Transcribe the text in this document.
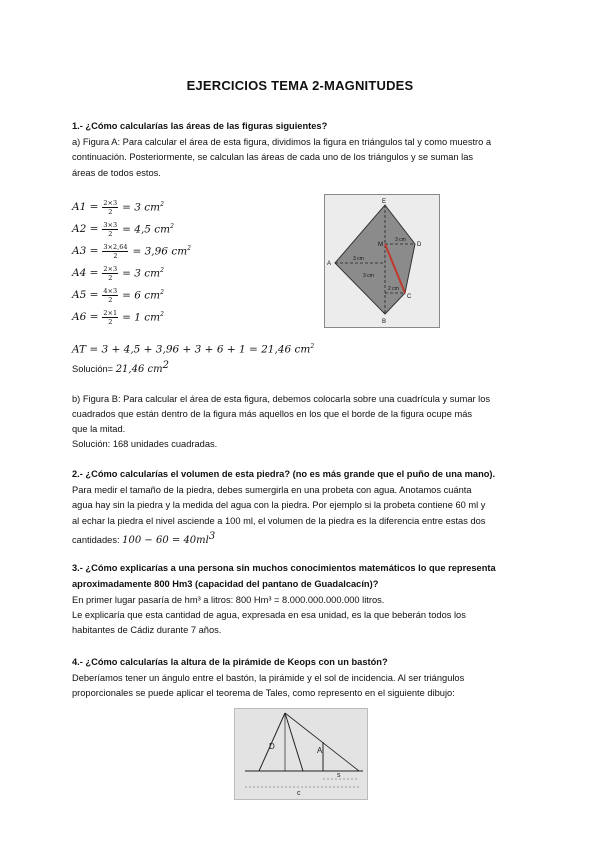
EJERCICIOS TEMA 2-MAGNITUDES
1.- ¿Cómo calcularías las áreas de las figuras siguientes?
a) Figura A: Para calcular el área de esta figura, dividimos la figura en triángulos tal y como muestro a
continuación. Posteriormente, se calculan las áreas de cada uno de los triángulos y se suman las
áreas de todos estos.
$A1 = \frac{2\times 3}{2} = 3$ $cm^2$
$A2 = \frac{3\times 3}{2} = 4,5$ $cm^2$
$A3 = \frac{3\times 2,64}{2} = 3,96$ $cm^2$
$A4 = \frac{2\times 3}{2} = 3$ $cm^2$
$A5 = \frac{4\times 3}{2} = 6$ $cm^2$
$A6 = \frac{2\times 1}{2} = 1$ $cm^2$
E
D
A
C
B
M
3 cm
3 cm
2 cm
3 cm
AT = 3 + 4,5 + 3,96 + 3 + 6 + 1 = 21,46 $cm^2$
Solución= 21,46 $cm^2$
b) Figura B: Para calcular el área de esta figura, debemos colocarla sobre una cuadrícula y sumar los
cuadrados que están dentro de la figura más aquellos en los que el borde de la figura ocupe más
que la mitad.
Solución: 168 unidades cuadradas.
2.- ¿Cómo calcularías el volumen de esta piedra? (no es más grande que el puño de una mano).
Para medir el tamaño de la piedra, debes sumergirla en una probeta con agua. Anotamos cuánta
agua hay sin la piedra y la medida del agua con la piedra. Por ejemplo si la probeta contiene 60 ml y
al echar la piedra el nivel asciende a 100 ml, el volumen de la piedra es la diferencia entre estas dos
cantidades: $100 - 60 = 40ml^3$
3.- ¿Cómo explicarías a una persona sin muchos conocimientos matemáticos lo que representa
aproximadamente 800 Hm3 (capacidad del pantano de Guadalcacín)?
En primer lugar pasaría de hm³ a litros: 800 Hm³ = 8.000.000.000.000 litros.
Le explicaría que esta cantidad de agua, expresada en esa unidad, es la que beberán todos los
habitantes de Cádiz durante 7 años.
4.- ¿Cómo calcularías la altura de la pirámide de Keops con un bastón?
Deberíamos tener un ángulo entre el bastón, la pirámide y el sol de incidencia. Al ser triángulos
proporcionales se puede aplicar el teorema de Tales, como represento en el siguiente dibujo:
D	A
s
c
